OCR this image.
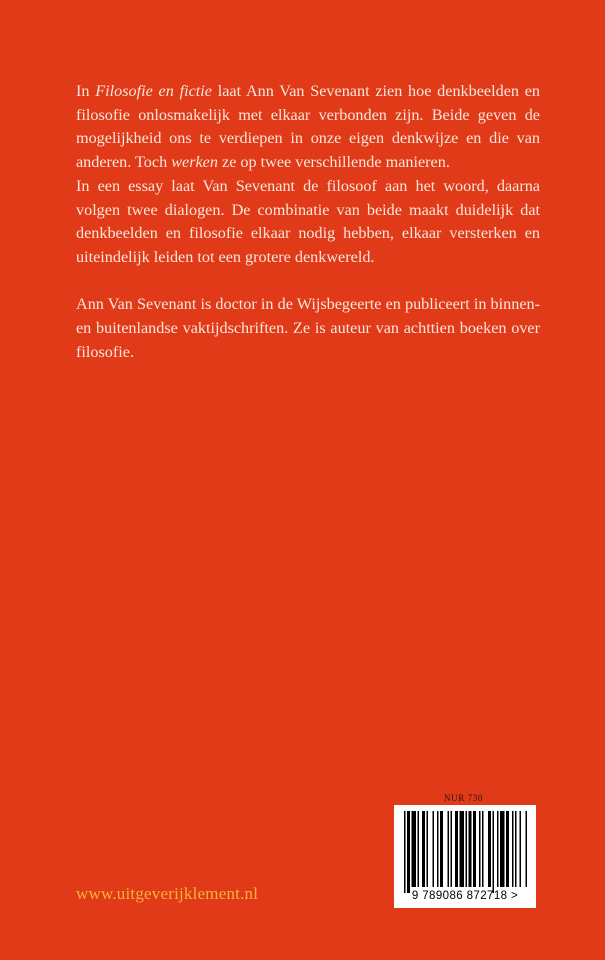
In Filosofie en fictie laat Ann Van Sevenant zien hoe denkbeelden en filosofie onlosmakelijk met elkaar verbonden zijn. Beide geven de mogelijkheid ons te verdiepen in onze eigen denkwijze en die van anderen. Toch werken ze op twee verschillende manieren.

In een essay laat Van Sevenant de filosoof aan het woord, daarna volgen twee dialogen. De combinatie van beide maakt duidelijk dat denkbeelden en filosofie elkaar nodig hebben, elkaar versterken en uiteindelijk leiden tot een grotere denkwereld.

Ann Van Sevenant is doctor in de Wijsbegeerte en publiceert in binnen- en buitenlandse vaktijdschriften. Ze is auteur van achttien boeken over filosofie.

NUR 730
9 789086 872718 >
www.uitgeverijklement.nl
